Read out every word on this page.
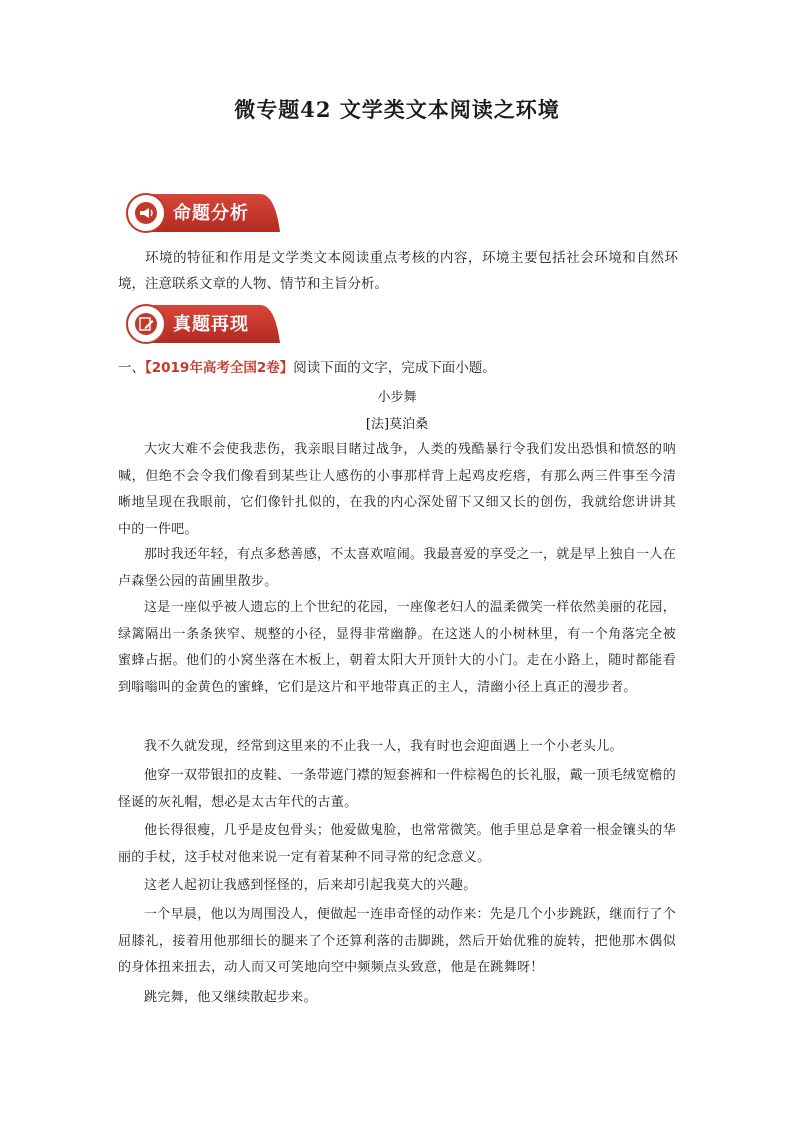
微专题42 文学类文本阅读之环境
命题分析
环境的特征和作用是文学类文本阅读重点考核的内容，环境主要包括社会环境和自然环境，注意联系文章的人物、情节和主旨分析。
真题再现
一、【2019年高考全国2卷】阅读下面的文字，完成下面小题。
小步舞
[法]莫泊桑
大灾大难不会使我悲伤，我亲眼目睹过战争，人类的残酷暴行令我们发出恐惧和愤怒的呐喊，但绝不会令我们像看到某些让人感伤的小事那样背上起鸡皮疙瘩，有那么两三件事至今清晰地呈现在我眼前，它们像针扎似的，在我的内心深处留下又细又长的创伤，我就给您讲讲其中的一件吧。
那时我还年轻，有点多愁善感，不太喜欢喧闹。我最喜爱的享受之一，就是早上独自一人在卢森堡公园的苗圃里散步。
这是一座似乎被人遗忘的上个世纪的花园，一座像老妇人的温柔微笑一样依然美丽的花园，绿篱隔出一条条狭窄、规整的小径，显得非常幽静。在这迷人的小树林里，有一个角落完全被蜜蜂占据。他们的小窝坐落在木板上，朝着太阳大开顶针大的小门。走在小路上，随时都能看到嗡嗡叫的金黄色的蜜蜂，它们是这片和平地带真正的主人，清幽小径上真正的漫步者。
我不久就发现，经常到这里来的不止我一人，我有时也会迎面遇上一个小老头儿。
他穿一双带银扣的皮鞋、一条带遮门襟的短套裤和一件棕褐色的长礼服，戴一顶毛绒宽檐的怪诞的灰礼帽，想必是太古年代的古董。
他长得很瘦，几乎是皮包骨头；他爱做鬼脸，也常常微笑。他手里总是拿着一根金镶头的华丽的手杖，这手杖对他来说一定有着某种不同寻常的纪念意义。
这老人起初让我感到怪怪的，后来却引起我莫大的兴趣。
一个早晨，他以为周围没人，便做起一连串奇怪的动作来：先是几个小步跳跃，继而行了个屈膝礼，接着用他那细长的腿来了个还算利落的击脚跳，然后开始优雅的旋转，把他那木偶似的身体扭来扭去，动人而又可笑地向空中频频点头致意，他是在跳舞呀！
跳完舞，他又继续散起步来。
